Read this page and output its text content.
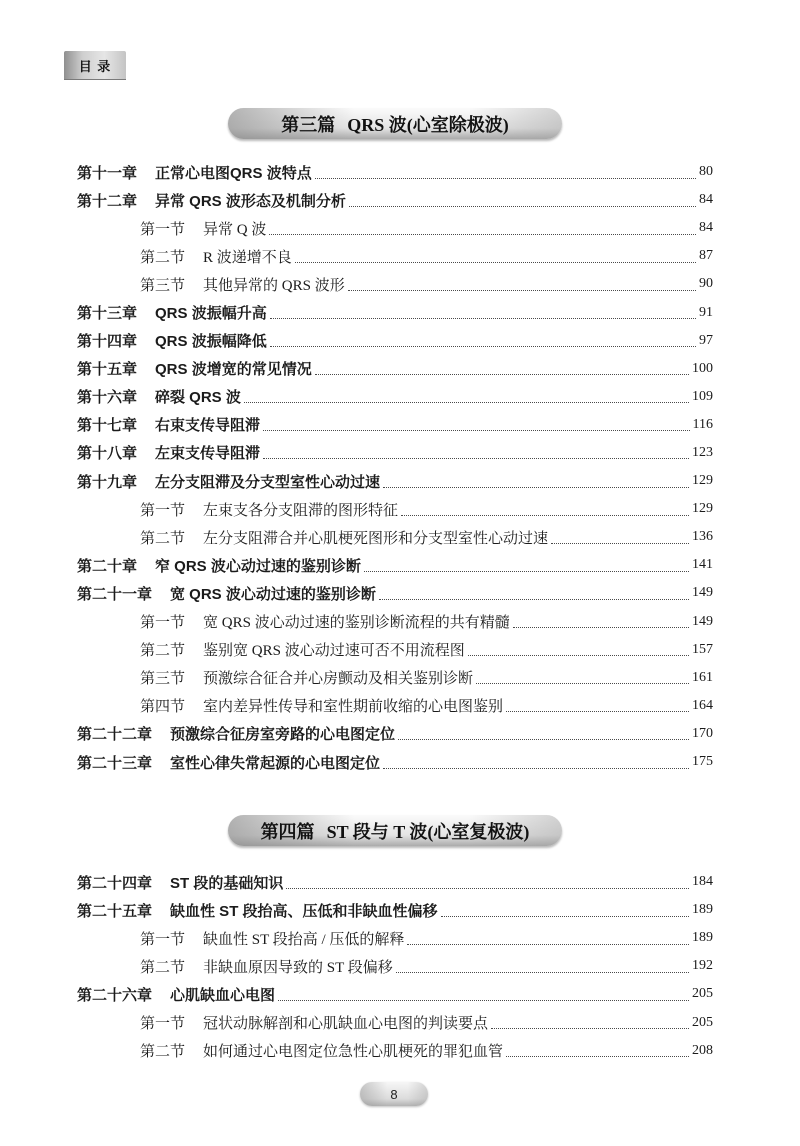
目 录
第三篇 QRS 波(心室除极波)
第十一章 正常心电图QRS 波特点	80
第十二章 异常 QRS 波形态及机制分析	84
第一节 异常 Q 波	84
第二节 R 波递增不良	87
第三节 其他异常的 QRS 波形	90
第十三章 QRS 波振幅升高	91
第十四章 QRS 波振幅降低	97
第十五章 QRS 波增宽的常见情况	100
第十六章 碎裂 QRS 波	109
第十七章 右束支传导阻滞	116
第十八章 左束支传导阻滞	123
第十九章 左分支阻滞及分支型室性心动过速	129
第一节 左束支各分支阻滞的图形特征	129
第二节 左分支阻滞合并心肌梗死图形和分支型室性心动过速	136
第二十章 窄 QRS 波心动过速的鉴别诊断	141
第二十一章 宽 QRS 波心动过速的鉴别诊断	149
第一节 宽 QRS 波心动过速的鉴别诊断流程的共有精髓	149
第二节 鉴别宽 QRS 波心动过速可否不用流程图	157
第三节 预激综合征合并心房颤动及相关鉴别诊断	161
第四节 室内差异性传导和室性期前收缩的心电图鉴别	164
第二十二章 预激综合征房室旁路的心电图定位	170
第二十三章 室性心律失常起源的心电图定位	175
第四篇 ST 段与 T 波(心室复极波)
第二十四章 ST 段的基础知识	184
第二十五章 缺血性 ST 段抬高、压低和非缺血性偏移	189
第一节 缺血性 ST 段抬高 / 压低的解释	189
第二节 非缺血原因导致的 ST 段偏移	192
第二十六章 心肌缺血心电图	205
第一节 冠状动脉解剖和心肌缺血心电图的判读要点	205
第二节 如何通过心电图定位急性心肌梗死的罪犯血管	208
8
